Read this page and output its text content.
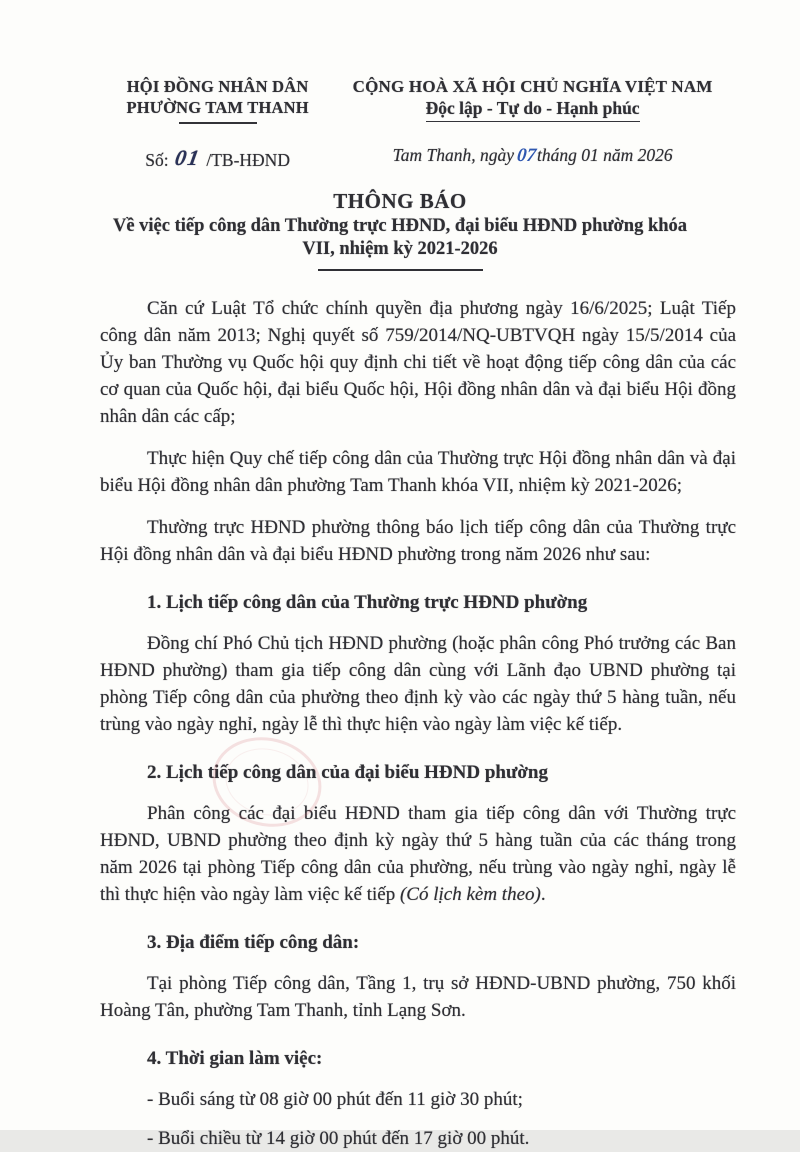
HỘI ĐỒNG NHÂN DÂN
PHƯỜNG TAM THANH
Số: 01 /TB-HĐND
CỘNG HOÀ XÃ HỘI CHỦ NGHĨA VIỆT NAM
Độc lập - Tự do - Hạnh phúc
Tam Thanh, ngày 07tháng 01 năm 2026
THÔNG BÁO
Về việc tiếp công dân Thường trực HĐND, đại biểu HĐND phường khóa VII, nhiệm kỳ 2021-2026

Căn cứ Luật Tổ chức chính quyền địa phương ngày 16/6/2025; Luật Tiếp công dân năm 2013; Nghị quyết số 759/2014/NQ-UBTVQH ngày 15/5/2014 của Ủy ban Thường vụ Quốc hội quy định chi tiết về hoạt động tiếp công dân của các cơ quan của Quốc hội, đại biểu Quốc hội, Hội đồng nhân dân và đại biểu Hội đồng nhân dân các cấp;

Thực hiện Quy chế tiếp công dân của Thường trực Hội đồng nhân dân và đại biểu Hội đồng nhân dân phường Tam Thanh khóa VII, nhiệm kỳ 2021-2026;

Thường trực HĐND phường thông báo lịch tiếp công dân của Thường trực Hội đồng nhân dân và đại biểu HĐND phường trong năm 2026 như sau:

1. Lịch tiếp công dân của Thường trực HĐND phường

Đồng chí Phó Chủ tịch HĐND phường (hoặc phân công Phó trưởng các Ban HĐND phường) tham gia tiếp công dân cùng với Lãnh đạo UBND phường tại phòng Tiếp công dân của phường theo định kỳ vào các ngày thứ 5 hàng tuần, nếu trùng vào ngày nghỉ, ngày lễ thì thực hiện vào ngày làm việc kế tiếp.

2. Lịch tiếp công dân của đại biểu HĐND phường

Phân công các đại biểu HĐND tham gia tiếp công dân với Thường trực HĐND, UBND phường theo định kỳ ngày thứ 5 hàng tuần của các tháng trong năm 2026 tại phòng Tiếp công dân của phường, nếu trùng vào ngày nghỉ, ngày lễ thì thực hiện vào ngày làm việc kế tiếp (Có lịch kèm theo).

3. Địa điểm tiếp công dân:

Tại phòng Tiếp công dân, Tầng 1, trụ sở HĐND-UBND phường, 750 khối Hoàng Tân, phường Tam Thanh, tỉnh Lạng Sơn.

4. Thời gian làm việc:
- Buổi sáng từ 08 giờ 00 phút đến 11 giờ 30 phút;
- Buổi chiều từ 14 giờ 00 phút đến 17 giờ 00 phút.
